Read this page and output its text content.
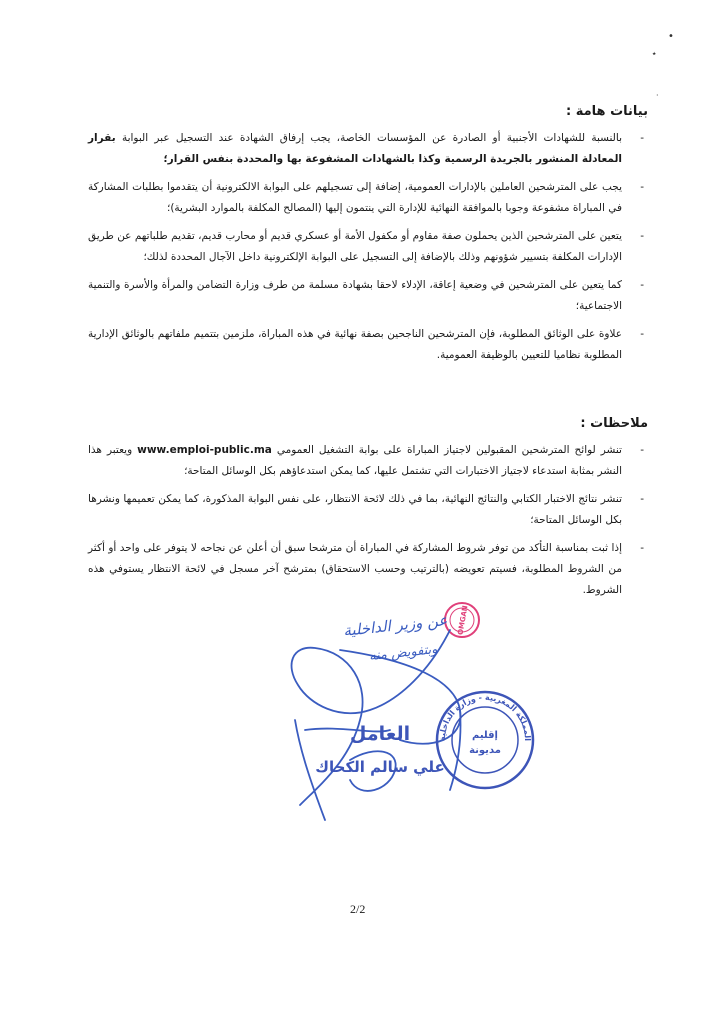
•
٭
·
بيانات هامة :
-
بالنسبة للشهادات الأجنبية أو الصادرة عن المؤسسات الخاصة، يجب إرفاق الشهادة عند التسجيل عبر البوابة بقرار المعادلة المنشور بالجريدة الرسمية وكذا بالشهادات المشفوعة بها والمحددة بنفس القرار؛
-
يجب على المترشحين العاملين بالإدارات العمومية، إضافة إلى تسجيلهم على البوابة الالكترونية أن يتقدموا بطلبات المشاركة في المباراة مشفوعة وجوبا بالموافقة النهائية للإدارة التي ينتمون إليها (المصالح المكلفة بالموارد البشرية)؛
-
يتعين على المترشحين الذين يحملون صفة مقاوم أو مكفول الأمة أو عسكري قديم أو محارب قديم، تقديم طلباتهم عن طريق الإدارات المكلفة بتسيير شؤونهم وذلك بالإضافة إلى التسجيل على البوابة الإلكترونية داخل الآجال المحددة لذلك؛
-
كما يتعين على المترشحين في وضعية إعاقة، الإدلاء لاحقا بشهادة مسلمة من طرف وزارة التضامن والمرأة والأسرة والتنمية الاجتماعية؛
-
علاوة على الوثائق المطلوبة، فإن المترشحين الناجحين بصفة نهائية في هذه المباراة، ملزمين بتتميم ملفاتهم بالوثائق الإدارية المطلوبة نظاميا للتعيين بالوظيفة العمومية.
ملاحظات :
-
تنشر لوائح المترشحين المقبولين لاجتياز المباراة على بوابة التشغيل العمومي www.emploi-public.ma ويعتبر هذا النشر بمثابة استدعاء لاجتياز الاختبارات التي تشتمل عليها، كما يمكن استدعاؤهم بكل الوسائل المتاحة؛
-
تنشر نتائج الاختبار الكتابي والنتائج النهائية، بما في ذلك لائحة الانتظار، على نفس البوابة المذكورة، كما يمكن تعميمها ونشرها بكل الوسائل المتاحة؛
-
إذا ثبت بمناسبة التأكد من توفر شروط المشاركة في المباراة أن مترشحا سبق أن أعلن عن نجاحه لا يتوفر على واحد أو أكثر من الشروط المطلوبة، فسيتم تعويضه (بالترتيب وحسب الاستحقاق) بمترشح آخر مسجل في لائحة الانتظار يستوفي هذه الشروط.
OMGAN
عن وزير الداخلية
وبتفويض منه
المملكة المغربية - وزارة الداخلية
إقليم
مديونة
العامل
علي سالم الكحاك
2/2
